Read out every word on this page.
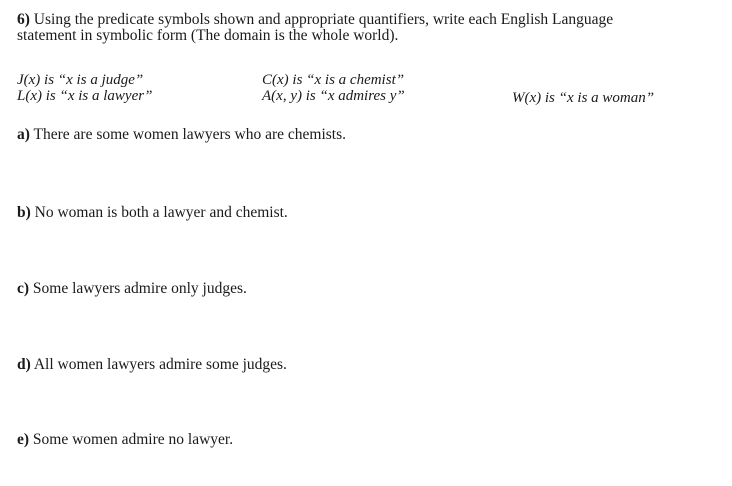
6) Using the predicate symbols shown and appropriate quantifiers, write each English Language
statement in symbolic form (The domain is the whole world).
J(x) is “x is a judge”
L(x) is “x is a lawyer”
C(x) is “x is a chemist”
A(x, y) is “x admires y”	W(x) is “x is a woman”
a) There are some women lawyers who are chemists.
b) No woman is both a lawyer and chemist.
c) Some lawyers admire only judges.
d) All women lawyers admire some judges.
e) Some women admire no lawyer.
